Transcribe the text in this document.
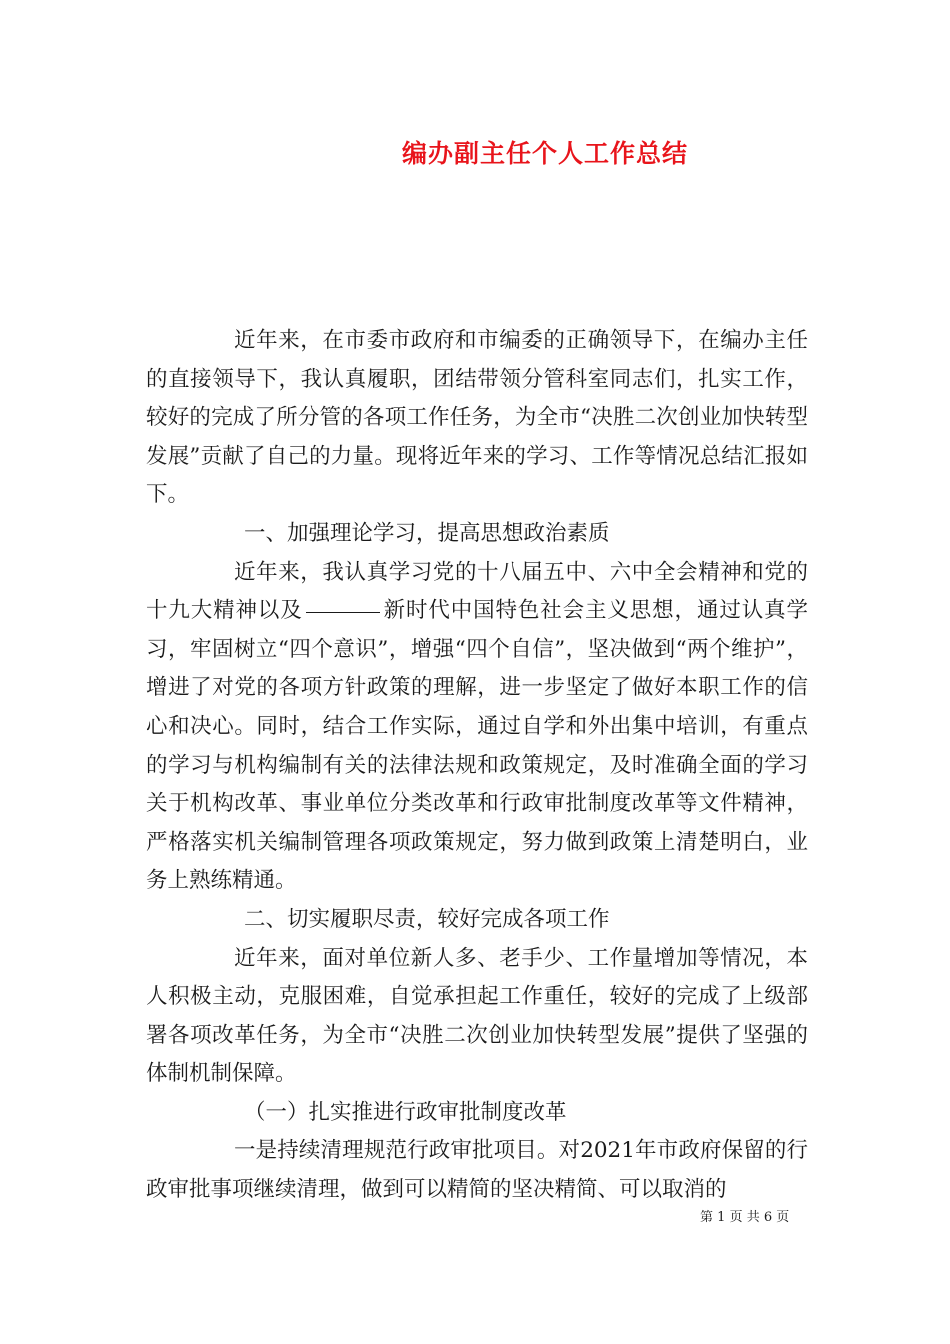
编办副主任个人工作总结

近年来，在市委市政府和市编委的正确领导下，在编办主任的直接领导下，我认真履职，团结带领分管科室同志们，扎实工作，较好的完成了所分管的各项工作任务，为全市“决胜二次创业加快转型发展”贡献了自己的力量。现将近年来的学习、工作等情况总结汇报如下。

一、加强理论学习，提高思想政治素质

近年来，我认真学习党的十八届五中、六中全会精神和党的十九大精神以及	新时代中国特色社会主义思想，通过认真学习，牢固树立“四个意识”，增强“四个自信”，坚决做到“两个维护”，增进了对党的各项方针政策的理解，进一步坚定了做好本职工作的信心和决心。同时，结合工作实际，通过自学和外出集中培训，有重点的学习与机构编制有关的法律法规和政策规定，及时准确全面的学习关于机构改革、事业单位分类改革和行政审批制度改革等文件精神，严格落实机关编制管理各项政策规定，努力做到政策上清楚明白，业务上熟练精通。

二、切实履职尽责，较好完成各项工作

近年来，面对单位新人多、老手少、工作量增加等情况，本人积极主动，克服困难，自觉承担起工作重任，较好的完成了上级部署各项改革任务，为全市“决胜二次创业加快转型发展”提供了坚强的体制机制保障。

（一）扎实推进行政审批制度改革

一是持续清理规范行政审批项目。对2021年市政府保留的行政审批事项继续清理，做到可以精简的坚决精简、可以取消的

第 1 页 共 6 页
